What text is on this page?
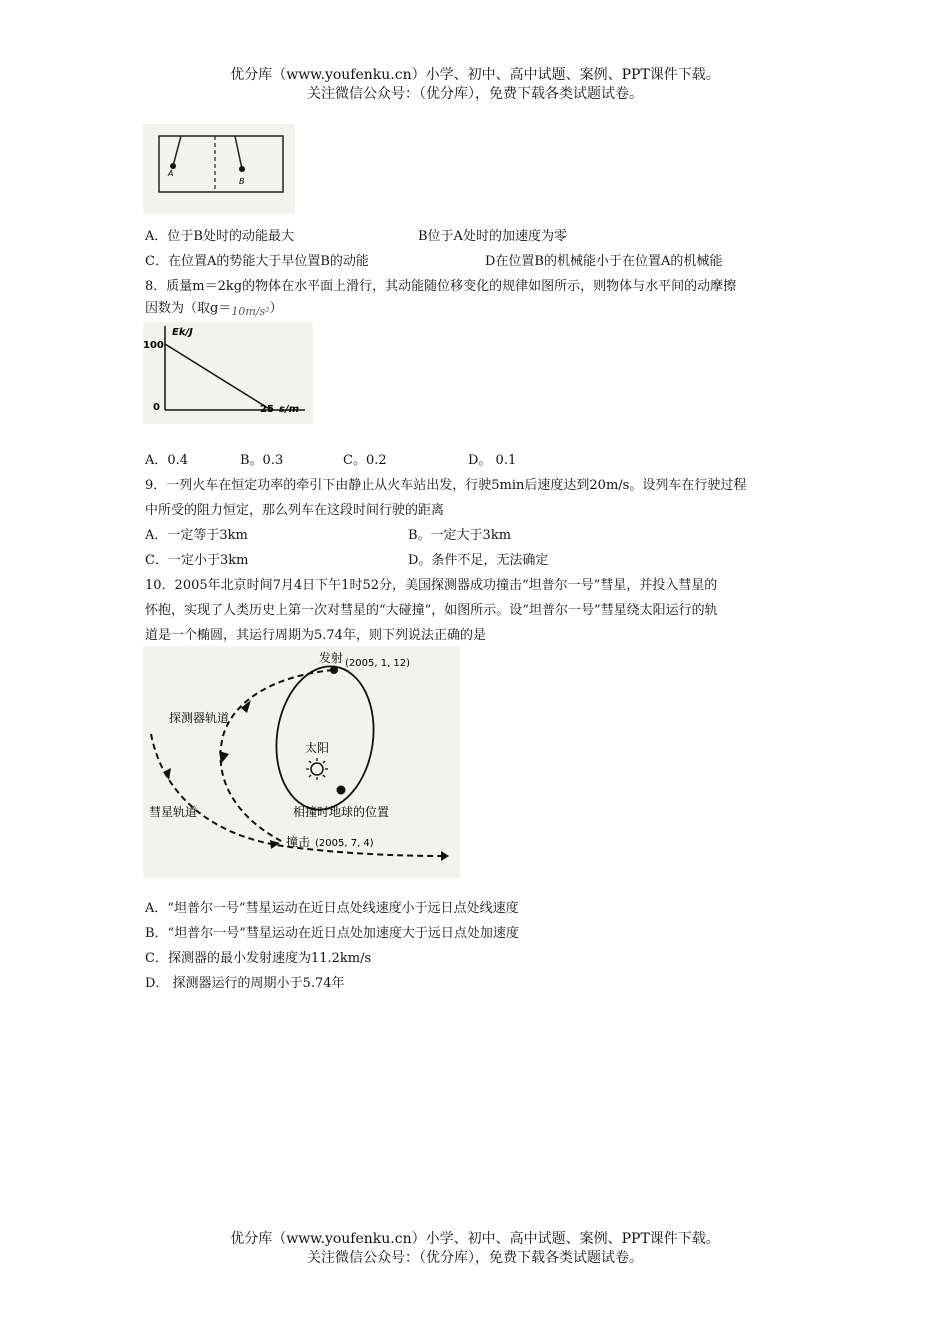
优分库（www.youfenku.cn）小学、初中、高中试题、案例、PPT课件下载。
关注微信公众号：（优分库），免费下载各类试题试卷。
A
B
A．位于B处时的动能最大	B位于A处时的加速度为零
C．在位置A的势能大于早位置B的动能	D在位置B的机械能小于在位置A的机械能
8．质量m＝2kg的物体在水平面上滑行，其动能随位移变化的规律如图所示，则物体与水平间的动摩擦
因数为（取$g=_{10m/s^2}$）
Ek/J
100
0	25 s/m
A．0.4	B。0.3	C。0.2	D。 0.1
9．一列火车在恒定功率的牵引下由静止从火车站出发，行驶5min后速度达到20m/s。设列车在行驶过程
中所受的阻力恒定，那么列车在这段时间行驶的距离
A．一定等于3km	B。一定大于3km
C．一定小于3km	D。条件不足，无法确定
10．2005年北京时间7月4日下午1时52分，美国探测器成功撞击“坦普尔一号”彗星，并投入彗星的
怀抱，实现了人类历史上第一次对彗星的“大碰撞”，如图所示。设“坦普尔一号”彗星绕太阳运行的轨
道是一个椭圆，其运行周期为5.74年，则下列说法正确的是
发射 (2005, 1, 12)
探测器轨道
太阳
相撞时地球的位置
彗星轨道
撞击 (2005, 7, 4)
A．“坦普尔一号”彗星运动在近日点处线速度小于远日点处线速度
B．“坦普尔一号”彗星运动在近日点处加速度大于远日点处加速度
C．探测器的最小发射速度为11.2km/s
D． 探测器运行的周期小于5.74年
优分库（www.youfenku.cn）小学、初中、高中试题、案例、PPT课件下载。
关注微信公众号：（优分库），免费下载各类试题试卷。
